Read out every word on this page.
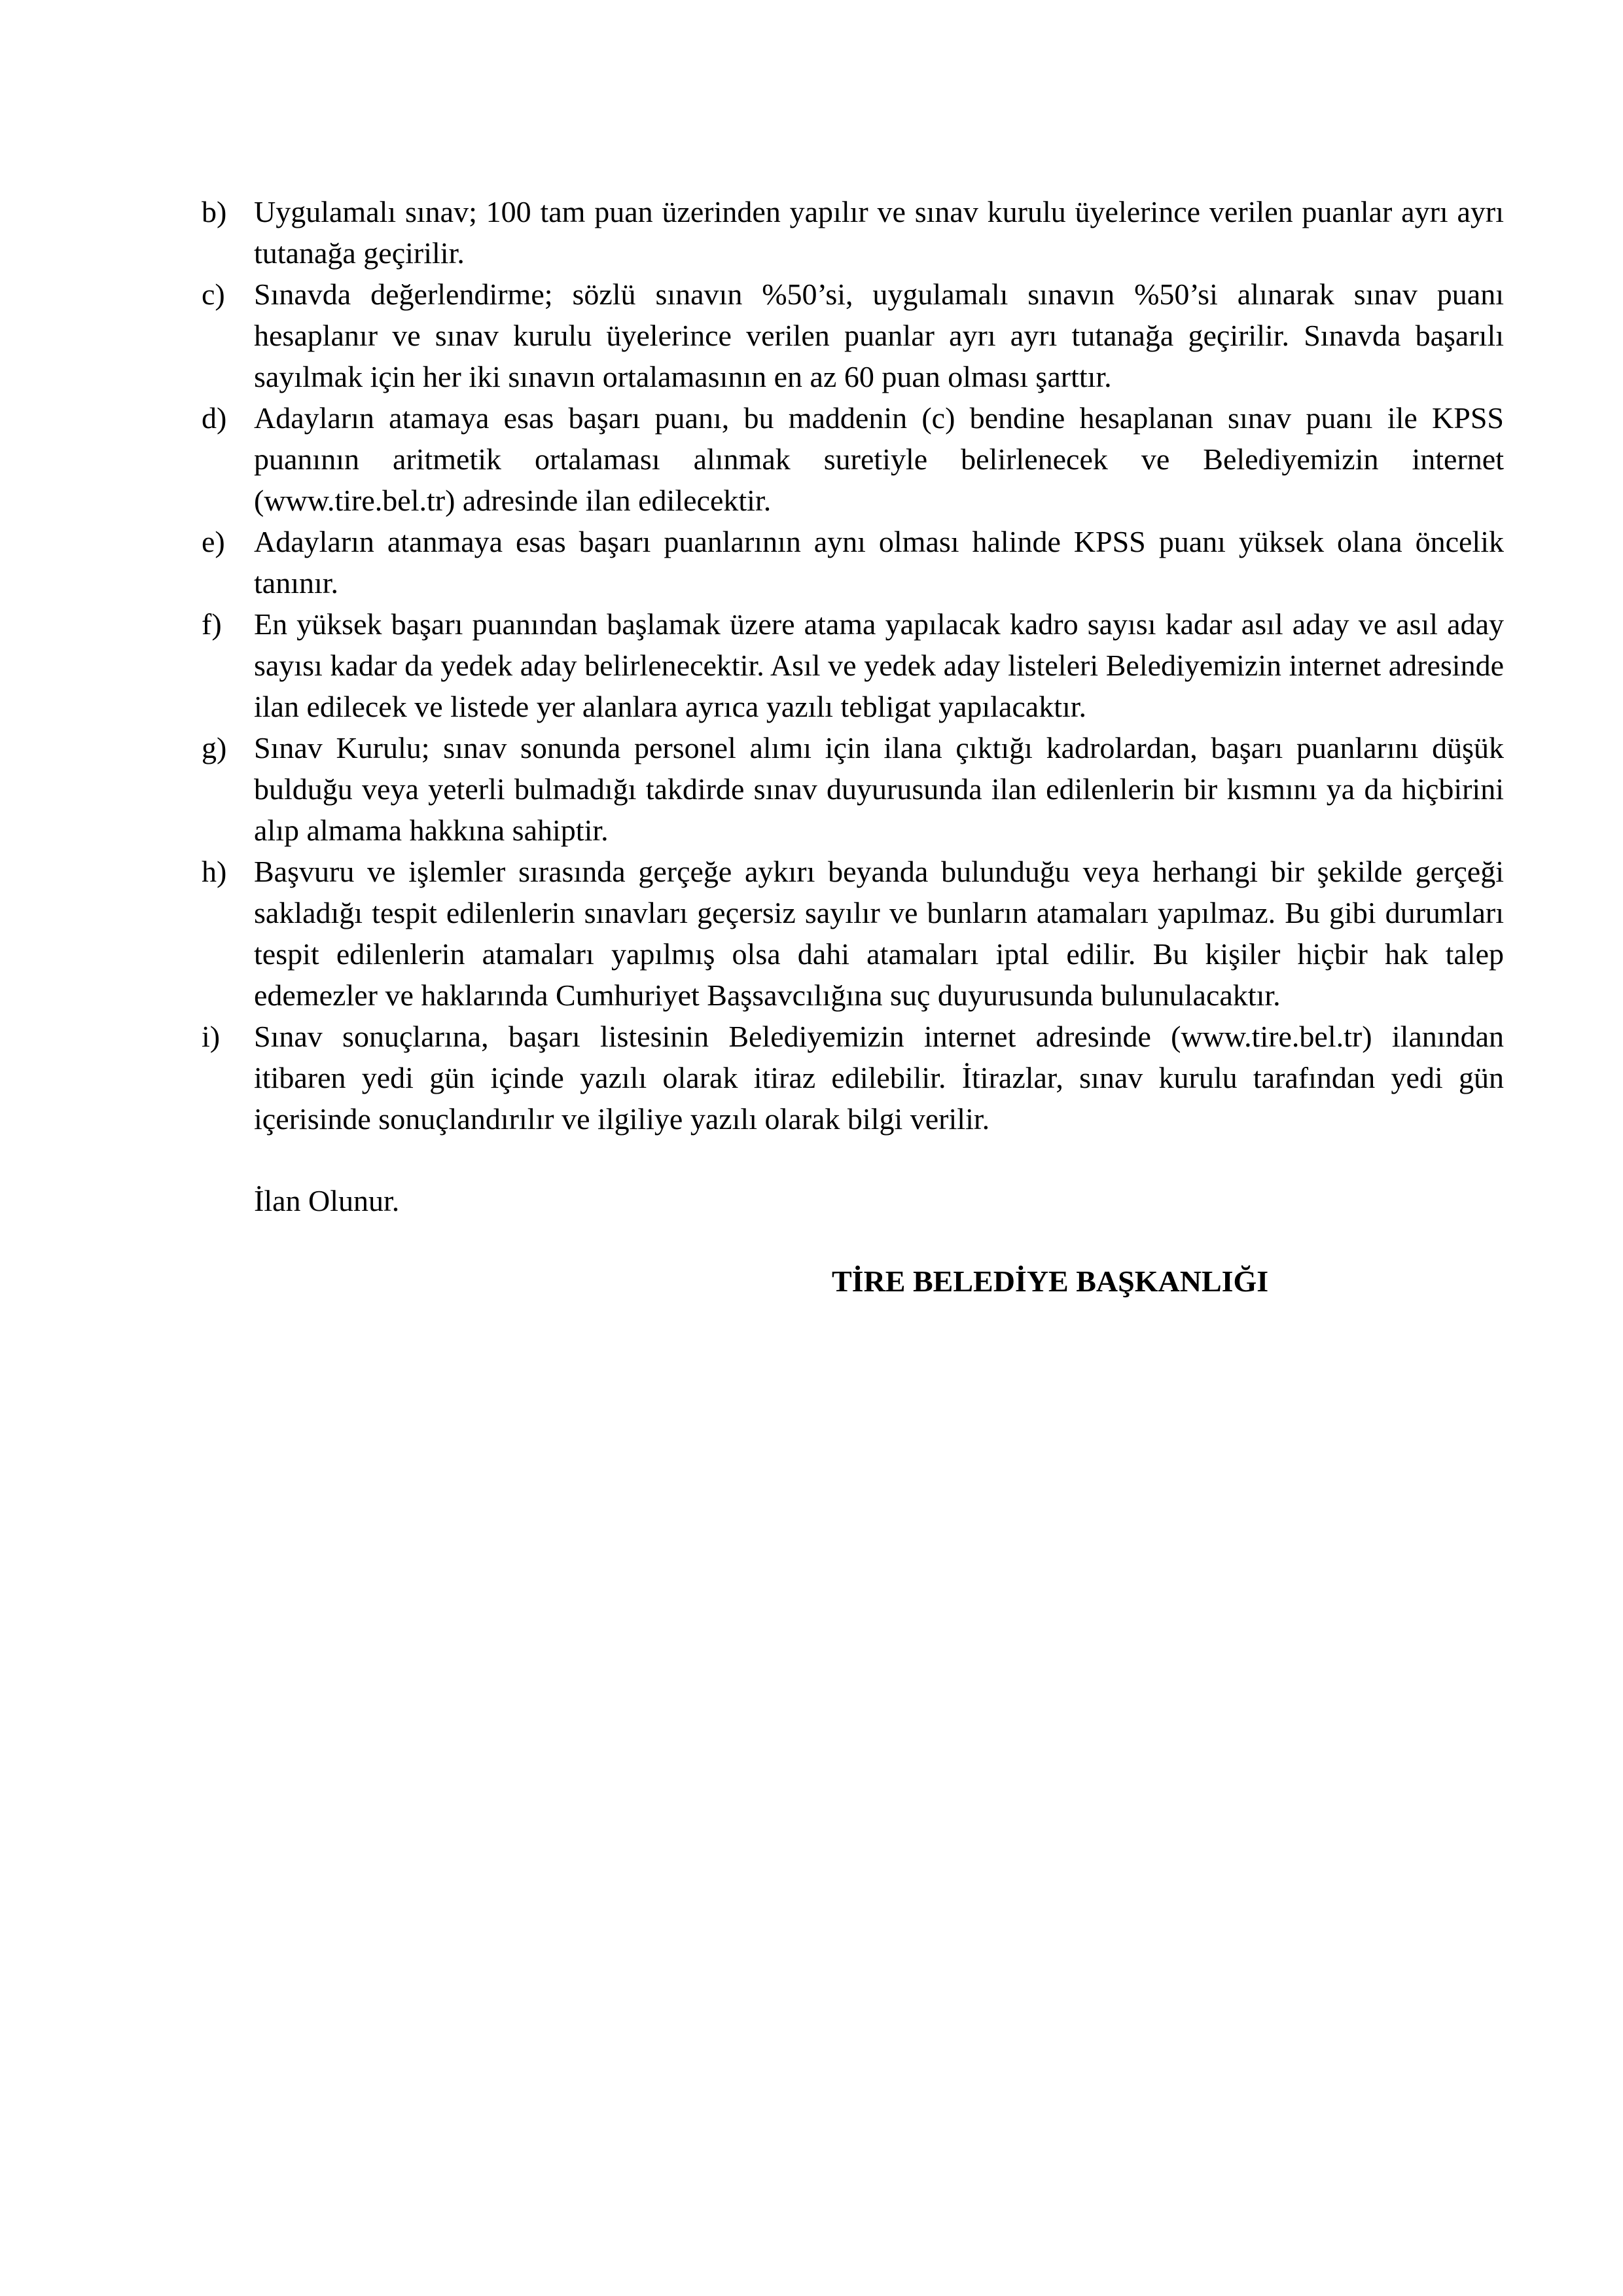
b) Uygulamalı sınav; 100 tam puan üzerinden yapılır ve sınav kurulu üyelerince verilen puanlar ayrı ayrı tutanağa geçirilir.
c) Sınavda değerlendirme; sözlü sınavın %50’si, uygulamalı sınavın %50’si alınarak sınav puanı hesaplanır ve sınav kurulu üyelerince verilen puanlar ayrı ayrı tutanağa geçirilir. Sınavda başarılı sayılmak için her iki sınavın ortalamasının en az 60 puan olması şarttır.
d) Adayların atamaya esas başarı puanı, bu maddenin (c) bendine hesaplanan sınav puanı ile KPSS puanının aritmetik ortalaması alınmak suretiyle belirlenecek ve Belediyemizin internet (www.tire.bel.tr) adresinde ilan edilecektir.
e) Adayların atanmaya esas başarı puanlarının aynı olması halinde KPSS puanı yüksek olana öncelik tanınır.
f)	En yüksek başarı puanından başlamak üzere atama yapılacak kadro sayısı kadar asıl aday ve asıl aday sayısı kadar da yedek aday belirlenecektir. Asıl ve yedek aday listeleri Belediyemizin internet adresinde ilan edilecek ve listede yer alanlara ayrıca yazılı tebligat yapılacaktır.
g) Sınav Kurulu; sınav sonunda personel alımı için ilana çıktığı kadrolardan, başarı puanlarını düşük bulduğu veya yeterli bulmadığı takdirde sınav duyurusunda ilan edilenlerin bir kısmını ya da hiçbirini alıp almama hakkına sahiptir.
h) Başvuru ve işlemler sırasında gerçeğe aykırı beyanda bulunduğu veya herhangi bir şekilde gerçeği sakladığı tespit edilenlerin sınavları geçersiz sayılır ve bunların atamaları yapılmaz. Bu gibi durumları tespit edilenlerin atamaları yapılmış olsa dahi atamaları iptal edilir. Bu kişiler hiçbir hak talep edemezler ve haklarında Cumhuriyet Başsavcılığına suç duyurusunda bulunulacaktır.
i)	Sınav sonuçlarına, başarı listesinin Belediyemizin internet adresinde (www.tire.bel.tr) ilanından itibaren yedi gün içinde yazılı olarak itiraz edilebilir. İtirazlar, sınav kurulu tarafından yedi gün içerisinde sonuçlandırılır ve ilgiliye yazılı olarak bilgi verilir.
İlan Olunur.
TİRE BELEDİYE BAŞKANLIĞI
